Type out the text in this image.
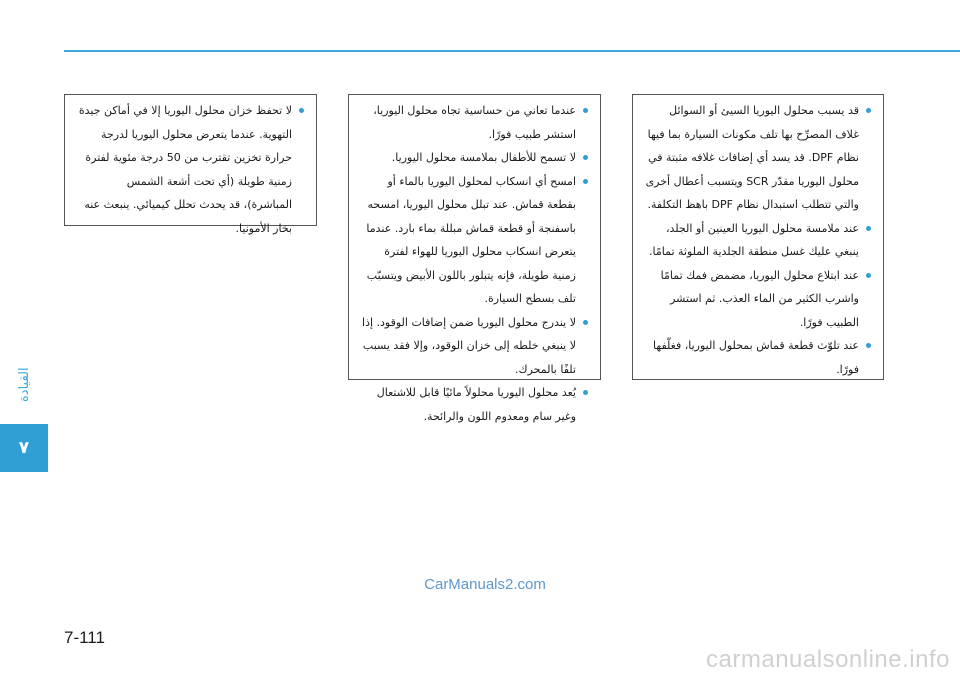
القيادة
٧
قد يسبب محلول اليوريا السيئ أو السوائل غلاف المصرِّح بها تلف مكونات السيارة بما فيها نظام DPF. قد يسد أي إضافات غلافه مثبتة في محلول اليوريا مقدّر SCR ويتسبب أعطال أخرى والتي تتطلب استبدال نظام DPF باهظ التكلفة.
عند ملامسة محلول اليوريا العينين أو الجلد، ينبغي عليك غسل منطقة الجلدية الملوثة تمامًا.
عند ابتلاع محلول اليوريا، مضمض فمك تمامًا واشرب الكثير من الماء العذب. ثم استشر الطبيب فورًا.
عند تلوّث قطعة قماش بمحلول اليوريا، فغلّفها فورًا.
عندما تعاني من حساسية تجاه محلول اليوريا، استشر طبيب فورًا.
لا تسمح للأطفال بملامسة محلول اليوريا.
امسح أي انسكاب لمحلول اليوريا بالماء أو بقطعة قماش. عند تبلل محلول اليوريا، امسحه باسفنجة أو قطعة قماش مبللة بماء بارد. عندما يتعرض انسكاب محلول اليوريا للهواء لفترة زمنية طويلة، فإنه يتبلور باللون الأبيض ويتسبّب تلف بسطح السيارة.
لا يندرج محلول اليوريا ضمن إضافات الوقود. إذا لا ينبغي خلطه إلى خزان الوقود، وإلا فقد يسبب تلفًا بالمحرك.
يُعد محلول اليوريا محلولاً مائيًا قابل للاشتعال وغير سام ومعدوم اللون والرائحة.
لا تحفظ خزان محلول اليوريا إلا في أماكن جيدة التهوية. عندما يتعرض محلول اليوريا لدرجة حرارة تخزين تقترب من 50 درجة مئوية لفترة زمنية طويلة (أي تحت أشعة الشمس المباشرة)، قد يحدث تحلل كيميائي. ينبعث عنه بخار الأمونيا.
CarManuals2.com
7-111
carmanualsonline.info
